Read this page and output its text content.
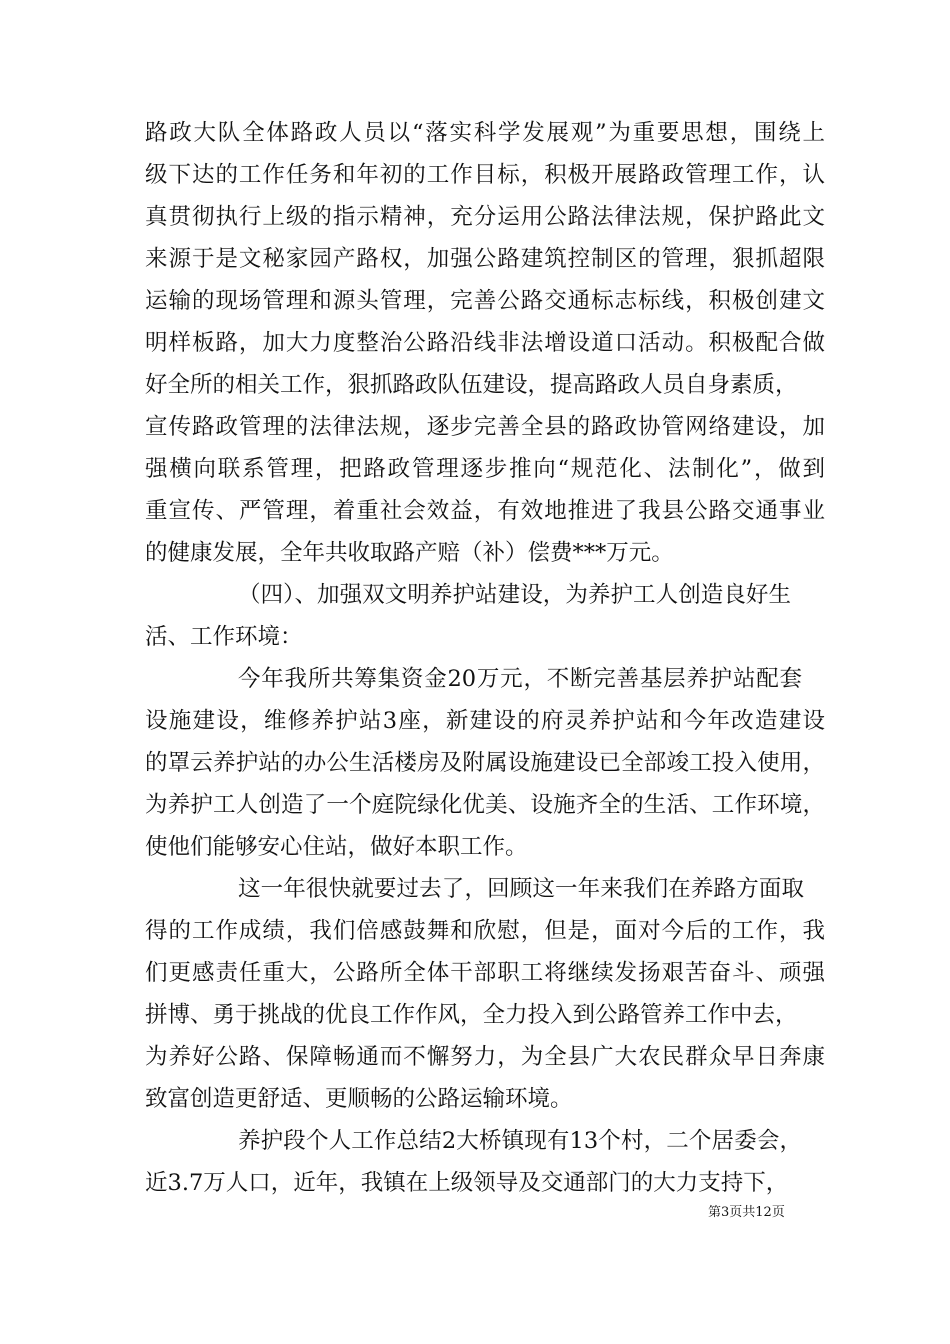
路政大队全体路政人员以“落实科学发展观”为重要思想，围绕上
级下达的工作任务和年初的工作目标，积极开展路政管理工作，认
真贯彻执行上级的指示精神，充分运用公路法律法规，保护路此文
来源于是文秘家园产路权，加强公路建筑控制区的管理，狠抓超限
运输的现场管理和源头管理，完善公路交通标志标线，积极创建文
明样板路，加大力度整治公路沿线非法增设道口活动。积极配合做
好全所的相关工作，狠抓路政队伍建设，提高路政人员自身素质，
宣传路政管理的法律法规，逐步完善全县的路政协管网络建设，加
强横向联系管理，把路政管理逐步推向“规范化、法制化”，做到
重宣传、严管理，着重社会效益，有效地推进了我县公路交通事业
的健康发展，全年共收取路产赔（补）偿费***万元。
（四）、加强双文明养护站建设，为养护工人创造良好生
活、工作环境：
今年我所共筹集资金20万元，不断完善基层养护站配套
设施建设，维修养护站3座，新建设的府灵养护站和今年改造建设
的罩云养护站的办公生活楼房及附属设施建设已全部竣工投入使用，
为养护工人创造了一个庭院绿化优美、设施齐全的生活、工作环境，
使他们能够安心住站，做好本职工作。
这一年很快就要过去了，回顾这一年来我们在养路方面取
得的工作成绩，我们倍感鼓舞和欣慰，但是，面对今后的工作，我
们更感责任重大，公路所全体干部职工将继续发扬艰苦奋斗、顽强
拼博、勇于挑战的优良工作作风，全力投入到公路管养工作中去，
为养好公路、保障畅通而不懈努力，为全县广大农民群众早日奔康
致富创造更舒适、更顺畅的公路运输环境。
养护段个人工作总结2大桥镇现有13个村，二个居委会，
近3.7万人口，近年，我镇在上级领导及交通部门的大力支持下，
第3页共12页
